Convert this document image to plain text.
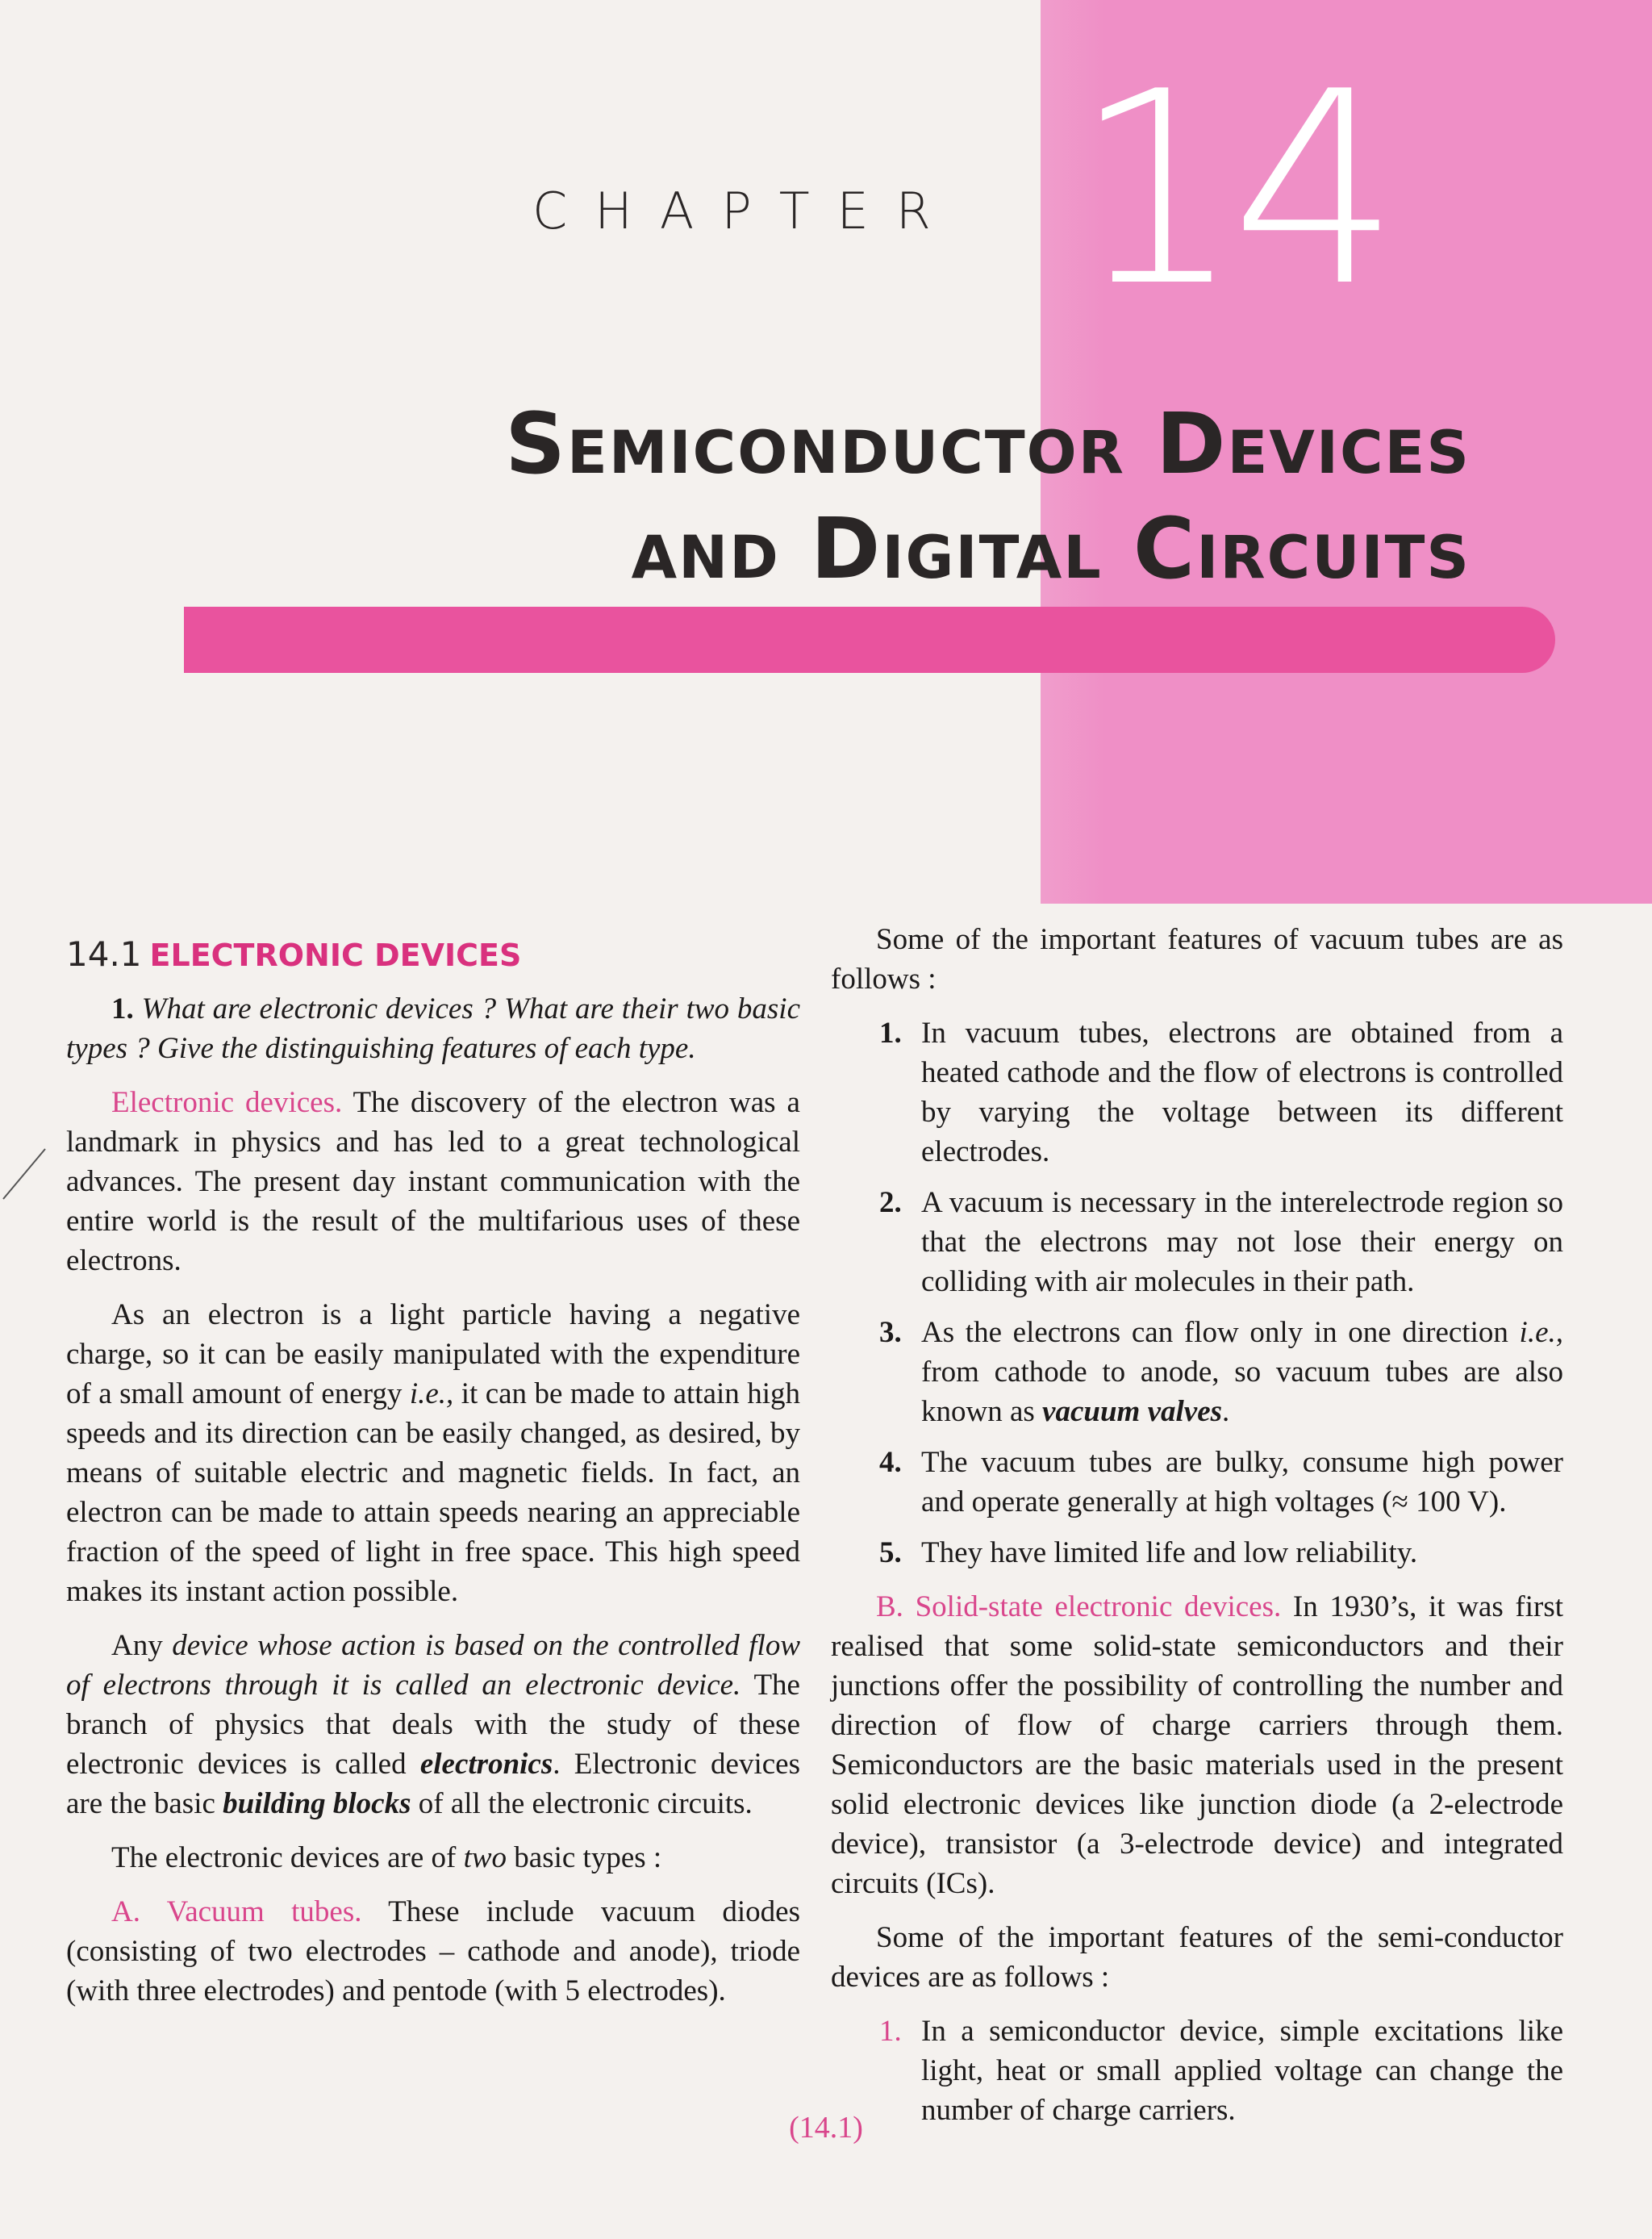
CHAPTER 14
Semiconductor Devices
and Digital Circuits
14.1 ELECTRONIC DEVICES

1. What are electronic devices ? What are their two basic types ? Give the distinguishing features of each type.

Electronic devices. The discovery of the electron was a landmark in physics and has led to a great technological advances. The present day instant communication with the entire world is the result of the multifarious uses of these electrons.

As an electron is a light particle having a negative charge, so it can be easily manipulated with the expenditure of a small amount of energy i.e., it can be made to attain high speeds and its direction can be easily changed, as desired, by means of suitable electric and magnetic fields. In fact, an electron can be made to attain speeds nearing an appreciable fraction of the speed of light in free space. This high speed makes its instant action possible.

Any device whose action is based on the controlled flow of electrons through it is called an electronic device. The branch of physics that deals with the study of these electronic devices is called electronics. Electronic devices are the basic building blocks of all the electronic circuits.

The electronic devices are of two basic types :

A. Vacuum tubes. These include vacuum diodes (consisting of two electrodes – cathode and anode), triode (with three electrodes) and pentode (with 5 electrodes).

Some of the important features of vacuum tubes are as follows :

1. In vacuum tubes, electrons are obtained from a heated cathode and the flow of electrons is controlled by varying the voltage between its different electrodes.
2. A vacuum is necessary in the interelectrode region so that the electrons may not lose their energy on colliding with air molecules in their path.
3. As the electrons can flow only in one direction i.e., from cathode to anode, so vacuum tubes are also known as vacuum valves.
4. The vacuum tubes are bulky, consume high power and operate generally at high voltages (≈ 100 V).
5. They have limited life and low reliability.

B. Solid-state electronic devices. In 1930’s, it was first realised that some solid-state semiconductors and their junctions offer the possibility of controlling the number and direction of flow of charge carriers through them. Semiconductors are the basic materials used in the present solid electronic devices like junction diode (a 2-electrode device), transistor (a 3-electrode device) and integrated circuits (ICs).

Some of the important features of the semi-conductor devices are as follows :

1. In a semiconductor device, simple excitations like light, heat or small applied voltage can change the number of charge carriers.
(14.1)
